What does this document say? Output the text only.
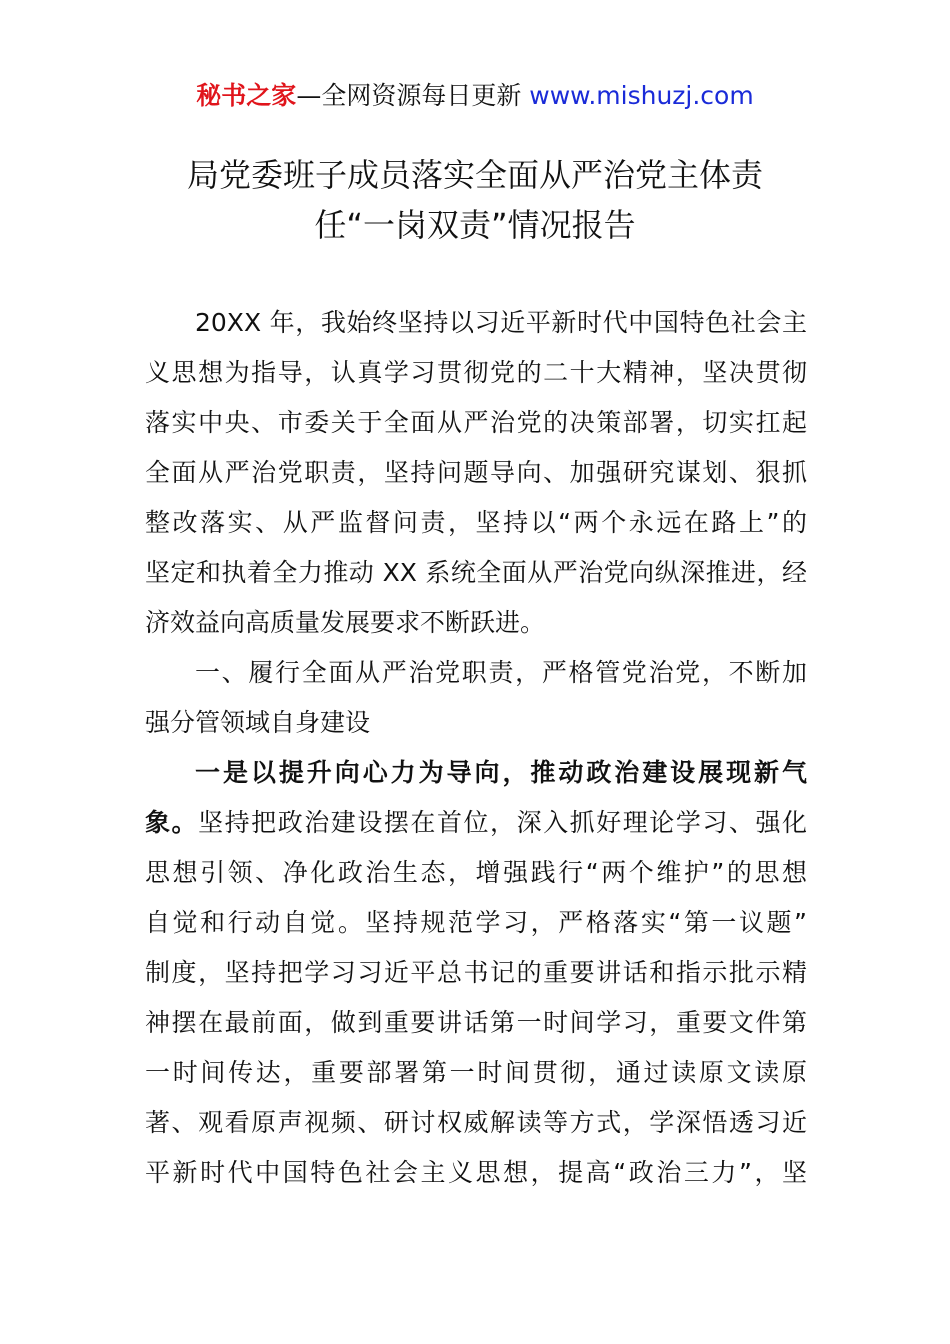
秘书之家—全网资源每日更新 www.mishuzj.com
局党委班子成员落实全面从严治党主体责
任“一岗双责”情况报告
20XX 年，我始终坚持以习近平新时代中国特色社会主
义思想为指导，认真学习贯彻党的二十大精神，坚决贯彻
落实中央、市委关于全面从严治党的决策部署，切实扛起
全面从严治党职责，坚持问题导向、加强研究谋划、狠抓
整改落实、从严监督问责，坚持以“两个永远在路上”的
坚定和执着全力推动 XX 系统全面从严治党向纵深推进，经
济效益向高质量发展要求不断跃进。
一、履行全面从严治党职责，严格管党治党，不断加
强分管领域自身建设
一是以提升向心力为导向，推动政治建设展现新气
象。坚持把政治建设摆在首位，深入抓好理论学习、强化
思想引领、净化政治生态，增强践行“两个维护”的思想
自觉和行动自觉。坚持规范学习，严格落实“第一议题”
制度，坚持把学习习近平总书记的重要讲话和指示批示精
神摆在最前面，做到重要讲话第一时间学习，重要文件第
一时间传达，重要部署第一时间贯彻，通过读原文读原
著、观看原声视频、研讨权威解读等方式，学深悟透习近
平新时代中国特色社会主义思想，提高“政治三力”，坚
